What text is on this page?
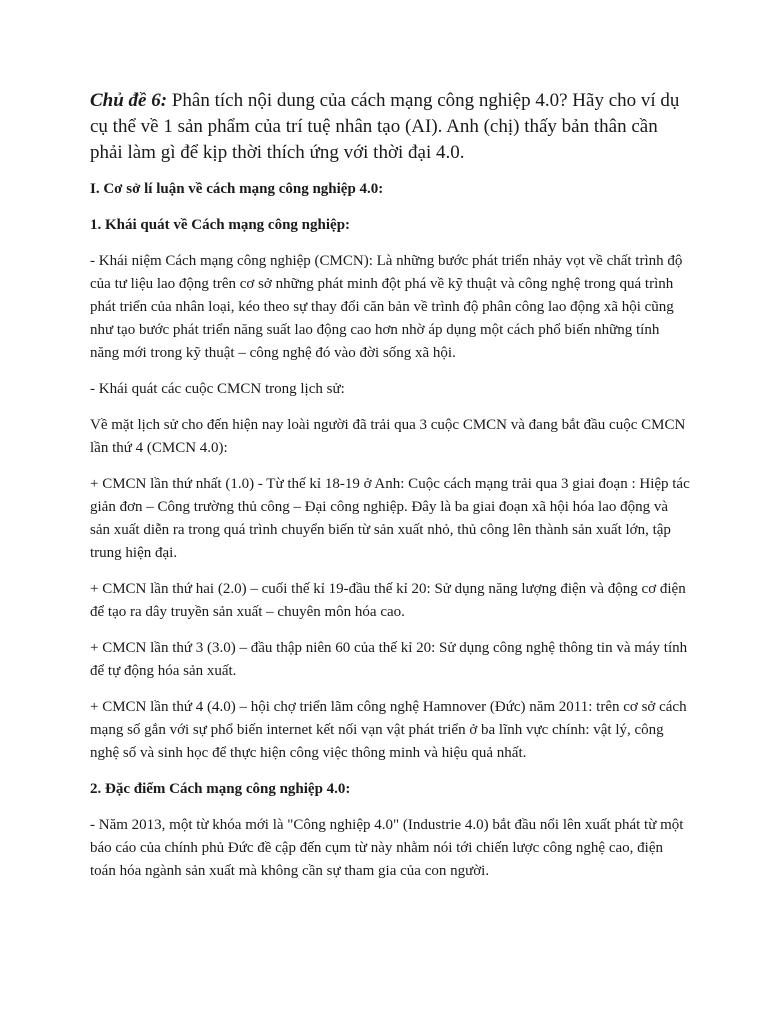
Chủ đề 6: Phân tích nội dung của cách mạng công nghiệp 4.0? Hãy cho ví dụ cụ thể về 1 sản phẩm của trí tuệ nhân tạo (AI). Anh (chị) thấy bản thân cần phải làm gì để kịp thời thích ứng với thời đại 4.0.
I. Cơ sở lí luận về cách mạng công nghiệp 4.0:
1. Khái quát về Cách mạng công nghiệp:

- Khái niệm Cách mạng công nghiệp (CMCN): Là những bước phát triển nhảy vọt về chất trình độ của tư liệu lao động trên cơ sở những phát minh đột phá về kỹ thuật và công nghệ trong quá trình phát triển của nhân loại, kéo theo sự thay đổi căn bản về trình độ phân công lao động xã hội cũng như tạo bước phát triển năng suất lao động cao hơn nhờ áp dụng một cách phổ biến những tính năng mới trong kỹ thuật – công nghệ đó vào đời sống xã hội.

- Khái quát các cuộc CMCN trong lịch sử:

Về mặt lịch sử cho đến hiện nay loài người đã trải qua 3 cuộc CMCN và đang bắt đầu cuộc CMCN lần thứ 4 (CMCN 4.0):

+ CMCN lần thứ nhất (1.0) - Từ thế kỉ 18-19 ở Anh: Cuộc cách mạng trải qua 3 giai đoạn : Hiệp tác giản đơn – Công trường thủ công – Đại công nghiệp. Đây là ba giai đoạn xã hội hóa lao động và sản xuất diễn ra trong quá trình chuyển biến từ sản xuất nhỏ, thủ công lên thành sản xuất lớn, tập trung hiện đại.

+ CMCN lần thứ hai (2.0) – cuối thế kỉ 19-đầu thế kỉ 20: Sử dụng năng lượng điện và động cơ điện để tạo ra dây truyền sản xuất – chuyên môn hóa cao.

+ CMCN lần thứ 3 (3.0) – đầu thập niên 60 của thế kỉ 20: Sử dụng công nghệ thông tin và máy tính để tự động hóa sản xuất.

+ CMCN lần thứ 4 (4.0) – hội chợ triển lãm công nghệ Hamnover (Đức) năm 2011: trên cơ sở cách mạng số gắn với sự phổ biến internet kết nối vạn vật phát triển ở ba lĩnh vực chính: vật lý, công nghệ số và sinh học để thực hiện công việc thông minh và hiệu quả nhất.

2. Đặc điểm Cách mạng công nghiệp 4.0:

- Năm 2013, một từ khóa mới là "Công nghiệp 4.0" (Industrie 4.0) bắt đầu nổi lên xuất phát từ một báo cáo của chính phủ Đức đề cập đến cụm từ này nhằm nói tới chiến lược công nghệ cao, điện toán hóa ngành sản xuất mà không cần sự tham gia của con người.
